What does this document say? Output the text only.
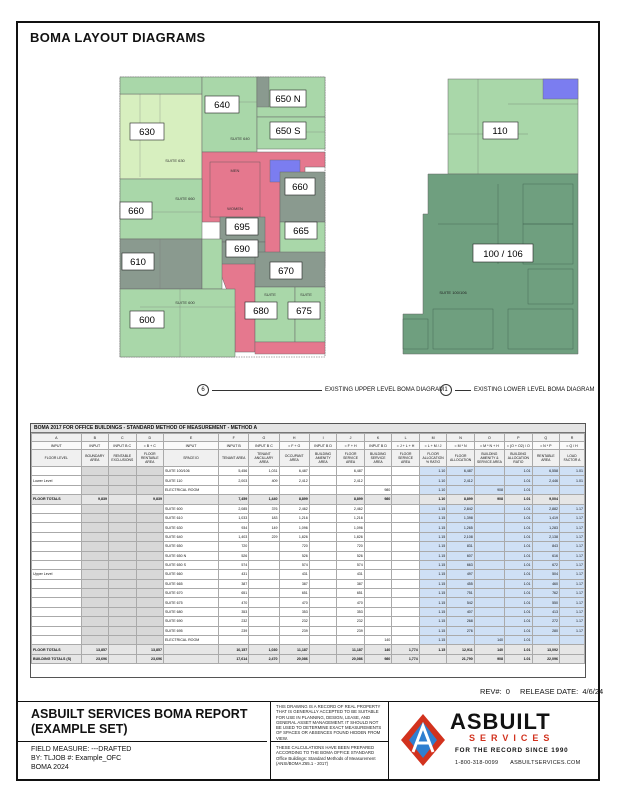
BOMA LAYOUT DIAGRAMS
640
650 N
630	650 S
660
660
695	665
690
610
670
600
680	675
SUITE 630
SUITE 640
SUITE 660
MEN
WOMEN
SUITE 600
SUITE	SUITE
6	EXISTING UPPER LEVEL BOMA DIAGRAM
110
100 / 106
SUITE 100/106
1	EXISTING LOWER LEVEL BOMA DIAGRAM
BOMA 2017 FOR OFFICE BUILDINGS - STANDARD METHOD OF MEASUREMENT - METHOD A
A	B	C	D	E	F	G	H	I	J	K	L	M	N	O	P	Q	R
INPUT	INPUT	INPUT B C	= B + C	INPUT	INPUT B	INPUT B C	= F + G	INPUT B D	= F + H	INPUT B D	= J + L + H	= L + M / J	= M * N	= M * N + H	= (O + O2) / O	= N * P	= Q / H
FLOOR LEVEL	BOUNDARY AREA	RENTABLE EXCLUSIONS	FLOOR RENTABLE AREA	SPACE ID	TENANT AREA	TENANT ANCILLARY AREA	OCCUPANT AREA	BUILDING AMENITY AREA	FLOOR SERVICE AREA	BUILDING SERVICE AREA	FLOOR SERVICE AREA	FLOOR ALLOCATION % RATIO	FLOOR ALLOCATION	BUILDING AMENITY & SERVICE AREA	BUILDING ALLOCATION RATIO	RENTABLE AREA	LOAD FACTOR A
				SUITE 100/106	5,456	1,031	6,487		6,487			1.10	6,487		1.01	6,558	1.01
Lower Level				SUITE 110	2,003	409	2,412		2,412			1.10	2,412		1.01	2,446	1.01
				ELECTRICAL ROOM						980		1.10		908	1.01		
FLOOR TOTALS	9,839		9,839		7,459	1,440	8,899		8,899	980		1.10	8,899	908	1.01	9,004	
				SUITE 600	2,085	376	2,462		2,462			1.15	2,842		1.01	2,882	1.17
				SUITE 610	1,033	183	1,216		1,216			1.15	1,398		1.01	1,419	1.17
				SUITE 630	934	149	1,096		1,096			1.15	1,265		1.01	1,283	1.17
				SUITE 640	1,403	229	1,826		1,826			1.15	2,108		1.01	2,138	1.17
				SUITE 650	720		720		720			1.15	831		1.01	843	1.17
				SUITE 650 N	526		526		526			1.15	607		1.01	616	1.17
				SUITE 650 S	574		574		574			1.15	663		1.01	672	1.17
Upper Level				SUITE 660	431		431		431			1.15	497		1.01	504	1.17
				SUITE 665	387		387		387			1.15	455		1.01	460	1.17
				SUITE 670	651		651		651			1.15	751		1.01	762	1.17
				SUITE 675	470		470		470			1.15	542		1.01	550	1.17
				SUITE 680	353		353		353			1.15	407		1.01	413	1.17
				SUITE 690	232		232		232			1.15	268		1.01	272	1.17
				SUITE 695	239		239		239			1.15	276		1.01	280	1.17
				ELECTRICAL ROOM						140		1.15		140	1.01		
FLOOR TOTALS	13,857		13,857		10,157	1,030	11,187		11,187	140	1,774	1.15	12,911	140	1.01	13,092	
BUILDING TOTALS (S)	23,696		23,696		17,614	2,470	20,086		20,086	980	1,774		21,790	908	1.01	22,096	
REV#: 0 RELEASE DATE: 4/6/24
ASBUILT SERVICES BOMA REPORT
(EXAMPLE SET)
FIELD MEASURE: ---DRAFTED
BY: TLJOB #: Example_OFC
BOMA 2024
THIS DRAWING IS A RECORD OF REAL PROPERTY THAT IS GENERALLY ACCEPTED TO BE SUITABLE FOR USE IN PLANNING, DESIGN, LEASE, AND GENERAL ASSET MANAGEMENT. IT SHOULD NOT BE USED TO DETERMINE EXACT MEASUREMENTS OF SPACES OR ABSENCES FOUND HIDDEN FROM VIEW.
THESE CALCULATIONS HAVE BEEN PREPARED ACCORDING TO THE BOMA OFFICE STANDARD Office Buildings: Standard Methods of Measurement (ANSI/BOMA Z65.1 - 2017)
ASBUILT
SERVICES
FOR THE RECORD SINCE 1990
1-800-318-0099 ASBUILTSERVICES.COM
